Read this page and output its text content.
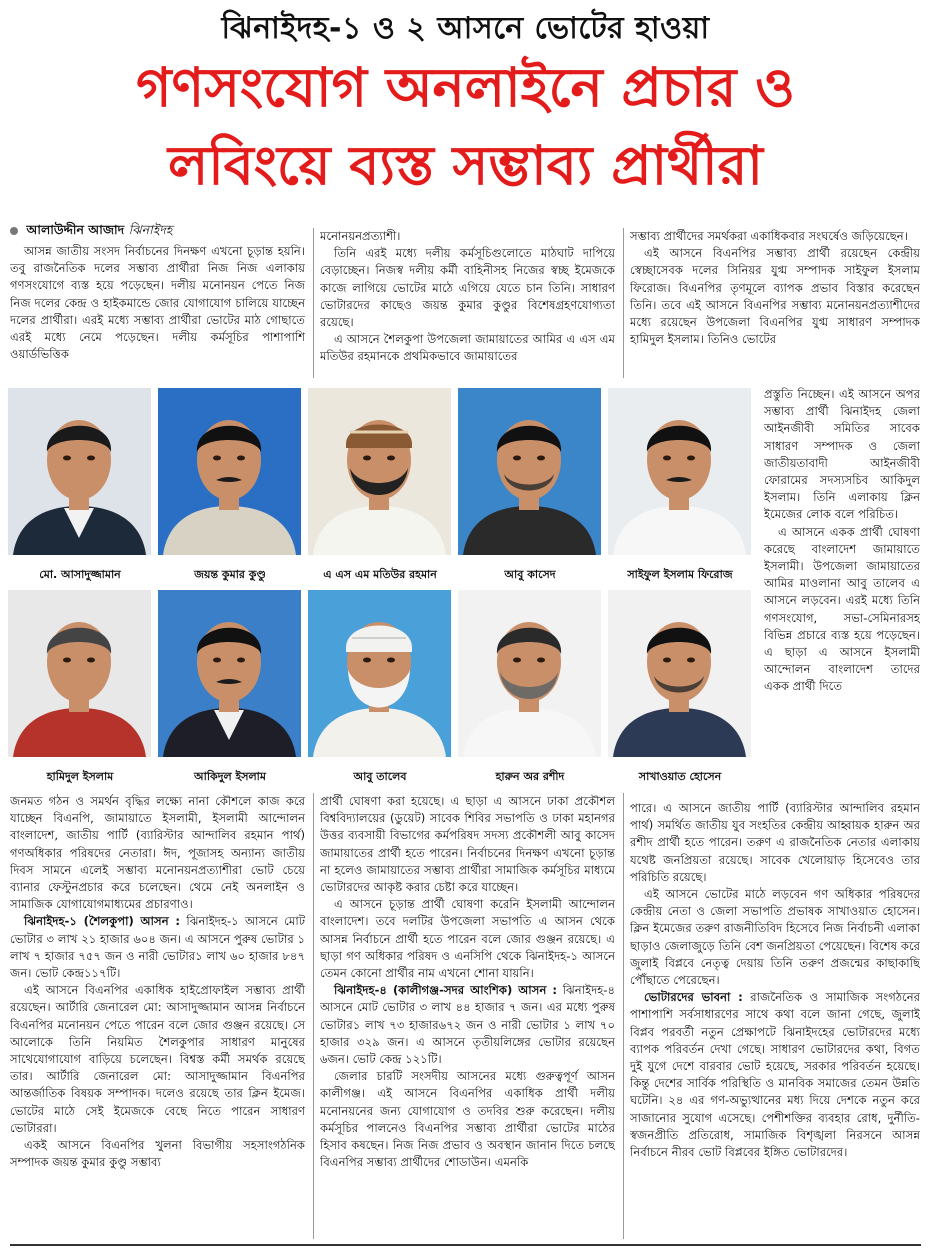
ঝিনাইদহ-১ ও ২ আসনে ভোটের হাওয়া
গণসংযোগ অনলাইনে প্রচার ও
লবিংয়ে ব্যস্ত সম্ভাব্য প্রার্থীরা
আলাউদ্দীন আজাদ ঝিনাইদহ

আসন্ন জাতীয় সংসদ নির্বাচনের দিনক্ষণ এখনো চূড়ান্ত হয়নি। তবু রাজনৈতিক দলের সম্ভাব্য প্রার্থীরা নিজ নিজ এলাকায় গণসংযোগে ব্যস্ত হয়ে পড়েছেন। দলীয় মনোনয়ন পেতে নিজ নিজ দলের কেন্দ্র ও হাইকমান্ডে জোর যোগাযোগ চালিয়ে যাচ্ছেন দলের প্রার্থীরা। এরই মধ্যে সম্ভাব্য প্রার্থীরা ভোটের মাঠ গোছাতে এরই মধ্যে নেমে পড়েছেন। দলীয় কর্মসূচির পাশাপাশি ওয়ার্ডভিত্তিক

মনোনয়নপ্রত্যাশী।

তিনি এরই মধ্যে দলীয় কর্মসূচিগুলোতে মাঠঘাট দাপিয়ে বেড়াচ্ছেন। নিজস্ব দলীয় কর্মী বাহিনীসহ নিজের স্বচ্ছ ইমেজকে কাজে লাগিয়ে ভোটের মাঠে এগিয়ে যেতে চান তিনি। সাধারণ ভোটারদের কাছেও জয়ন্ত কুমার কুণ্ডুর বিশেষগ্রহণযোগ্যতা রয়েছে।

এ আসনে শৈলকুপা উপজেলা জামায়াতের আমির এ এস এম মতিউর রহমানকে প্রথমিকভাবে জামায়াতের

সম্ভাব্য প্রার্থীদের সমর্থকরা একাধিকবার সংঘর্ষেও জড়িয়েছেন।

এই আসনে বিএনপির সম্ভাব্য প্রার্থী রয়েছেন কেন্দ্রীয় স্বেচ্ছাসেবক দলের সিনিয়র যুগ্ম সম্পাদক সাইফুল ইসলাম ফিরোজ। বিএনপির তৃণমূলে ব্যাপক প্রভাব বিস্তার করেছেন তিনি। তবে এই আসনে বিএনপির সম্ভাব্য মনোনয়নপ্রত্যাশীদের মধ্যে রয়েছেন উপজেলা বিএনপির যুগ্ম সাধারণ সম্পাদক হামিদুল ইসলাম। তিনিও ভোটের

প্রস্তুতি নিচ্ছেন। এই আসনে অপর সম্ভাব্য প্রার্থী ঝিনাইদহ জেলা আইনজীবী সমিতির সাবেক সাধারণ সম্পাদক ও জেলা জাতীয়তাবাদী আইনজীবী ফোরামের সদস্যসচিব আকিদুল ইসলাম। তিনি এলাকায় ক্লিন ইমেজের লোক বলে পরিচিত।

এ আসনে একক প্রার্থী ঘোষণা করেছে বাংলাদেশ জামায়াতে ইসলামী। উপজেলা জামায়াতের আমির মাওলানা আবু তালেব এ আসনে লড়বেন। এরই মধ্যে তিনি গণসংযোগ, সভা-সেমিনারসহ বিভিন্ন প্রচারে ব্যস্ত হয়ে পড়েছেন। এ ছাড়া এ আসনে ইসলামী আন্দোলন বাংলাদেশ তাদের একক প্রার্থী দিতে

মো. আসাদুজ্জামান	জয়ন্ত কুমার কুণ্ডু	এ এস এম মতিউর রহমান	আবু কাসেদ	সাইফুল ইসলাম ফিরোজ
হামিদুল ইসলাম	আকিদুল ইসলাম	আবু তালেব	হারুন অর রশীদ	সাখাওয়াত হোসেন

জনমত গঠন ও সমর্থন বৃদ্ধির লক্ষ্যে নানা কৌশলে কাজ করে যাচ্ছেন বিএনপি, জামায়াতে ইসলামী, ইসলামী আন্দোলন বাংলাদেশ, জাতীয় পার্টি (ব্যারিস্টার আন্দালিব রহমান পার্থ) গণঅধিকার পরিষদের নেতারা। ঈদ, পূজাসহ অন্যান্য জাতীয় দিবস সামনে এলেই সম্ভাব্য মনোনয়নপ্রত্যাশীরা ভোট চেয়ে ব্যানার ফেস্টুনপ্রচার করে চলেছেন। থেমে নেই অনলাইন ও সামাজিক যোগাযোগমাধ্যমের প্রচারণাও।

ঝিনাইদহ-১ (শৈলকুপা) আসন : ঝিনাইদহ-১ আসনে মোট ভোটার ৩ লাখ ২১ হাজার ৬০৪ জন। এ আসনে পুরুষ ভোটার ১ লাখ ৭ হাজার ৭৫৭ জন ও নারী ভোটার১ লাখ ৬০ হাজার ৮৪৭ জন। ভোট কেন্দ্র১১৭টি।

এই আসনে বিএনপির একাধিক হাইপ্রোফাইল সম্ভাব্য প্রার্থী রয়েছেন। আর্টারি জেনারেল মো: আসাদুজ্জামান আসন্ন নির্বাচনে বিএনপির মনোনয়ন পেতে পারেন বলে জোর গুঞ্জন রয়েছে। সে আলোকে তিনি নিয়মিত শৈলকুপার সাধারণ মানুষের সাথেযোগাযোগ বাড়িয়ে চলেছেন। বিশ্বস্ত কর্মী সমর্থক রয়েছে তার। আর্টারি জেনারেল মো: আসাদুজ্জামান বিএনপির আন্তর্জাতিক বিষয়ক সম্পাদক। দলেও রয়েছে তার ক্লিন ইমেজ। ভোটের মাঠে সেই ইমেজকে বেছে নিতে পারেন সাধারণ ভোটাররা।

একই আসনে বিএনপির খুলনা বিভাগীয় সহসাংগঠনিক সম্পাদক জয়ন্ত কুমার কুণ্ডু সম্ভাব্য

প্রার্থী ঘোষণা করা হয়েছে। এ ছাড়া এ আসনে ঢাকা প্রকৌশল বিশ্ববিদ্যালয়ের (ডুয়েট) সাবেক শিবির সভাপতি ও ঢাকা মহানগর উত্তর ব্যবসায়ী বিভাগের কর্মপরিষদ সদস্য প্রকৌশলী আবু কাসেদ জামায়াতের প্রার্থী হতে পারেন। নির্বাচনের দিনক্ষণ এখনো চূড়ান্ত না হলেও জামায়াতের সম্ভাব্য প্রার্থীরা সামাজিক কর্মসূচির মাধ্যমে ভোটারদের আকৃষ্ট করার চেষ্টা করে যাচ্ছেন।

এ আসনে চূড়ান্ত প্রার্থী ঘোষণা করেনি ইসলামী আন্দোলন বাংলাদেশ। তবে দলটির উপজেলা সভাপতি এ আসন থেকে আসন্ন নির্বাচনে প্রার্থী হতে পারেন বলে জোর গুঞ্জন রয়েছে। এ ছাড়া গণ অধিকার পরিষদ ও এনসিপি থেকে ঝিনাইদহ-১ আসনে তেমন কোনো প্রার্থীর নাম এখনো শোনা যায়নি।

ঝিনাইদহ-৪ (কালীগঞ্জ-সদর আংশিক) আসন : ঝিনাইদহ-৪ আসনে মোট ভোটার ৩ লাখ ৪৪ হাজার ৭ জন। এর মধ্যে পুরুষ ভোটার১ লাখ ৭৩ হাজার৬৭২ জন ও নারী ভোটার ১ লাখ ৭০ হাজার ৩২৯ জন। এ আসনে তৃতীয়লিঙ্গের ভোটার রয়েছেন ৬জন। ভোট কেন্দ্র ১২১টি।

জেলার চারটি সংসদীয় আসনের মধ্যে গুরুত্বপূর্ণ আসন কালীগঞ্জ। এই আসনে বিএনপির একাধিক প্রার্থী দলীয় মনোনয়নের জন্য যোগাযোগ ও তদবির শুরু করেছেন। দলীয় কর্মসূচির পালনেও বিএনপির সম্ভাব্য প্রার্থীরা ভোটের মাঠের হিসাব কষছেন। নিজ নিজ প্রভাব ও অবস্থান জানান দিতে চলছে বিএনপির সম্ভাব্য প্রার্থীদের শোডাউন। এমনকি

পারে। এ আসনে জাতীয় পার্টি (ব্যারিস্টার আন্দালিব রহমান পার্থ) সমর্থিত জাতীয় যুব সংহতির কেন্দ্রীয় আহ্বায়ক হারুন অর রশীদ প্রার্থী হতে পারেন। তরুণ এ রাজনৈতিক নেতার এলাকায় যথেষ্ট জনপ্রিয়তা রয়েছে। সাবেক খেলোয়াড় হিসেবেও তার পরিচিতি রয়েছে।

এই আসনে ভোটের মাঠে লড়বেন গণ অধিকার পরিষদের কেন্দ্রীয় নেতা ও জেলা সভাপতি প্রভাষক সাখাওয়াত হোসেন। ক্লিন ইমেজের তরুণ রাজনীতিবিদ হিসেবে নিজ নির্বাচনী এলাকা ছাড়াও জেলাজুড়ে তিনি বেশ জনপ্রিয়তা পেয়েছেন। বিশেষ করে জুলাই বিপ্লবে নেতৃত্ব দেয়ায় তিনি তরুণ প্রজন্মের কাছাকাছি পৌঁছাতে পেরেছেন।

ভোটারদের ভাবনা : রাজনৈতিক ও সামাজিক সংগঠনের পাশাপাশি সর্বসাধারণের সাথে কথা বলে জানা গেছে, জুলাই বিপ্লব পরবর্তী নতুন প্রেক্ষাপটে ঝিনাইদহের ভোটারদের মধ্যে ব্যাপক পরিবর্তন দেখা গেছে। সাধারণ ভোটারদের কথা, বিগত দুই যুগে দেশে বারবার ভোট হয়েছে, সরকার পরিবর্তন হয়েছে। কিন্তু দেশের সার্বিক পরিস্থিতি ও মানবিক সমাজের তেমন উন্নতি ঘটেনি। ২৪ এর গণ-অভ্যুত্থানের মধ্য দিয়ে দেশকে নতুন করে সাজানোর সুযোগ এসেছে। পেশীশক্তির ব্যবহার রোধ, দুর্নীতি-স্বজনপ্রীতি প্রতিরোধ, সামাজিক বিশৃঙ্খলা নিরসনে আসন্ন নির্বাচনে নীরব ভোট বিপ্লবের ইঙ্গিত ভোটারদের।
